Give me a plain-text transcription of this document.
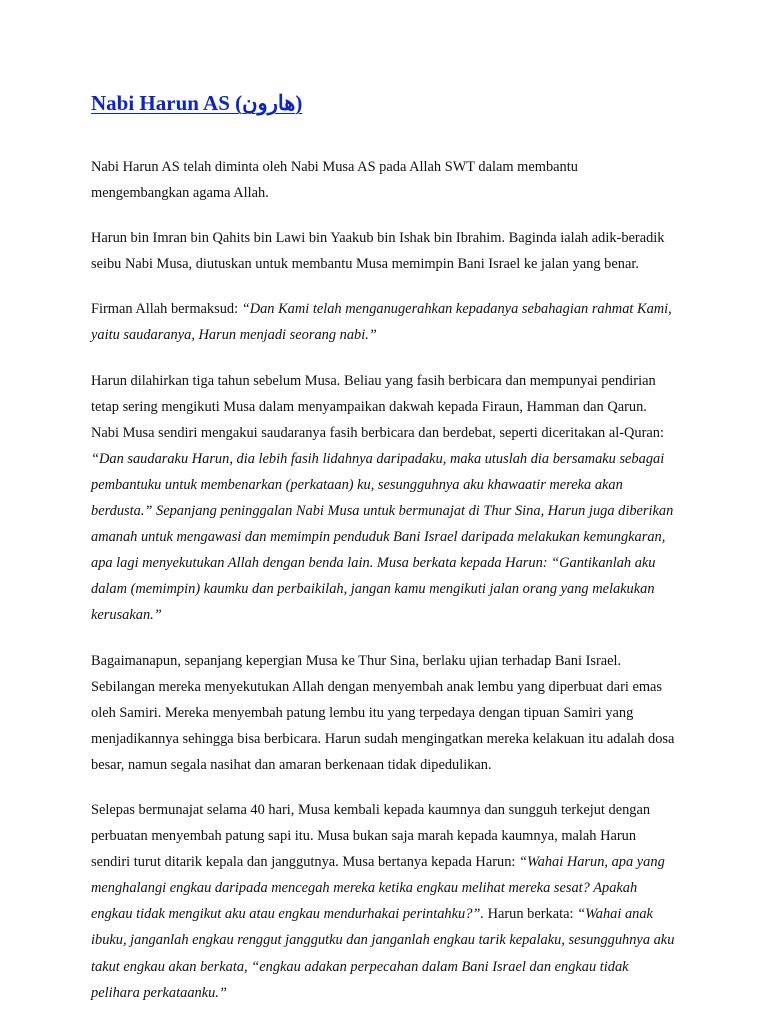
Nabi Harun AS (هارون)

Nabi Harun AS telah diminta oleh Nabi Musa AS pada Allah SWT dalam membantu mengembangkan agama Allah.

Harun bin Imran bin Qahits bin Lawi bin Yaakub bin Ishak bin Ibrahim. Baginda ialah adik-beradik seibu Nabi Musa, diutuskan untuk membantu Musa memimpin Bani Israel ke jalan yang benar.

Firman Allah bermaksud: “Dan Kami telah menganugerahkan kepadanya sebahagian rahmat Kami, yaitu saudaranya, Harun menjadi seorang nabi.”

Harun dilahirkan tiga tahun sebelum Musa. Beliau yang fasih berbicara dan mempunyai pendirian tetap sering mengikuti Musa dalam menyampaikan dakwah kepada Firaun, Hamman dan Qarun. Nabi Musa sendiri mengakui saudaranya fasih berbicara dan berdebat, seperti diceritakan al-Quran: “Dan saudaraku Harun, dia lebih fasih lidahnya daripadaku, maka utuslah dia bersamaku sebagai pembantuku untuk membenarkan (perkataan) ku, sesungguhnya aku khawaatir mereka akan berdusta.” Sepanjang peninggalan Nabi Musa untuk bermunajat di Thur Sina, Harun juga diberikan amanah untuk mengawasi dan memimpin penduduk Bani Israel daripada melakukan kemungkaran, apa lagi menyekutukan Allah dengan benda lain. Musa berkata kepada Harun: “Gantikanlah aku dalam (memimpin) kaumku dan perbaikilah, jangan kamu mengikuti jalan orang yang melakukan kerusakan.”

Bagaimanapun, sepanjang kepergian Musa ke Thur Sina, berlaku ujian terhadap Bani Israel. Sebilangan mereka menyekutukan Allah dengan menyembah anak lembu yang diperbuat dari emas oleh Samiri. Mereka menyembah patung lembu itu yang terpedaya dengan tipuan Samiri yang menjadikannya sehingga bisa berbicara. Harun sudah mengingatkan mereka kelakuan itu adalah dosa besar, namun segala nasihat dan amaran berkenaan tidak dipedulikan.

Selepas bermunajat selama 40 hari, Musa kembali kepada kaumnya dan sungguh terkejut dengan perbuatan menyembah patung sapi itu. Musa bukan saja marah kepada kaumnya, malah Harun sendiri turut ditarik kepala dan janggutnya. Musa bertanya kepada Harun: “Wahai Harun, apa yang menghalangi engkau daripada mencegah mereka ketika engkau melihat mereka sesat? Apakah engkau tidak mengikut aku atau engkau mendurhakai perintahku?”. Harun berkata: “Wahai anak ibuku, janganlah engkau renggut janggutku dan janganlah engkau tarik kepalaku, sesungguhnya aku takut engkau akan berkata, “engkau adakan perpecahan dalam Bani Israel dan engkau tidak pelihara perkataanku.”
